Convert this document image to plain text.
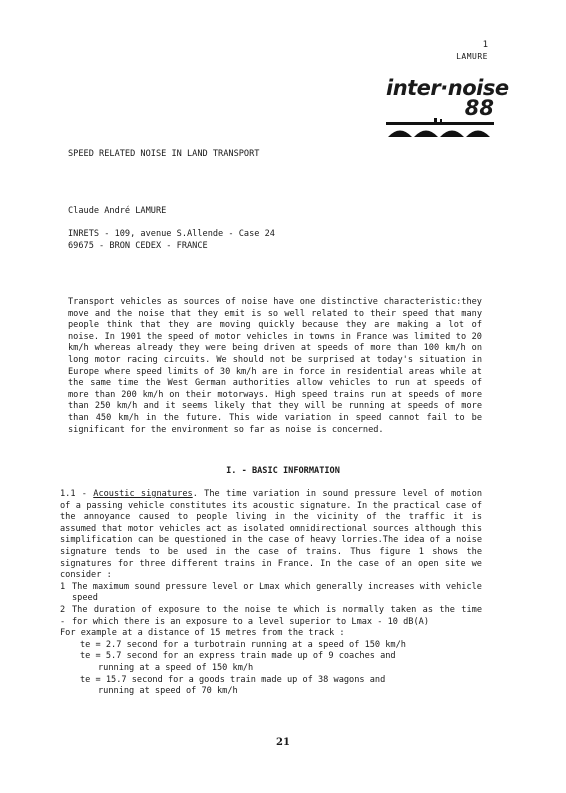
1
LAMURE
inter·noise
88
SPEED RELATED NOISE IN LAND TRANSPORT
Claude André LAMURE
INRETS - 109, avenue S.Allende - Case 24
69675 - BRON CEDEX - FRANCE

Transport vehicles as sources of noise have one distinctive characteristic:they move and the noise that they emit is so well related to their speed that many people think that they are moving quickly because they are making a lot of noise. In 1901 the speed of motor vehicles in towns in France was limited to 20 km/h whereas already they were being driven at speeds of more than 100 km/h on long motor racing circuits. We should not be surprised at today's situation in Europe where speed limits of 30 km/h are in force in residential areas while at the same time the West German authorities allow vehicles to run at speeds of more than 200 km/h on their motorways. High speed trains run at speeds of more than 250 km/h and it seems likely that they will be running at speeds of more than 450 km/h in the future. This wide variation in speed cannot fail to be significant for the environment so far as noise is concerned.

I. - BASIC INFORMATION

1.1 - Acoustic signatures. The time variation in sound pressure level of motion of a passing vehicle constitutes its acoustic signature. In the practical case of the annoyance caused to people living in the vicinity of the traffic it is assumed that motor vehicles act as isolated omnidirectional sources although this simplification can be questioned in the case of heavy lorries.The idea of a noise signature tends to be used in the case of trains. Thus figure 1 shows the signatures for three different trains in France. In the case of an open site we consider :

1 The maximum sound pressure level or Lmax which generally increases with vehicle speed
2 -
The duration of exposure to the noise te which is normally taken as the time for which there is an exposure to a level superior to Lmax - 10 dB(A)
For example at a distance of 15 metres from the track :
te = 2.7 second for a turbotrain running at a speed of 150 km/h
te = 5.7 second for an express train made up of 9 coaches and
running at a speed of 150 km/h
te = 15.7 second for a goods train made up of 38 wagons and
running at speed of 70 km/h
21
